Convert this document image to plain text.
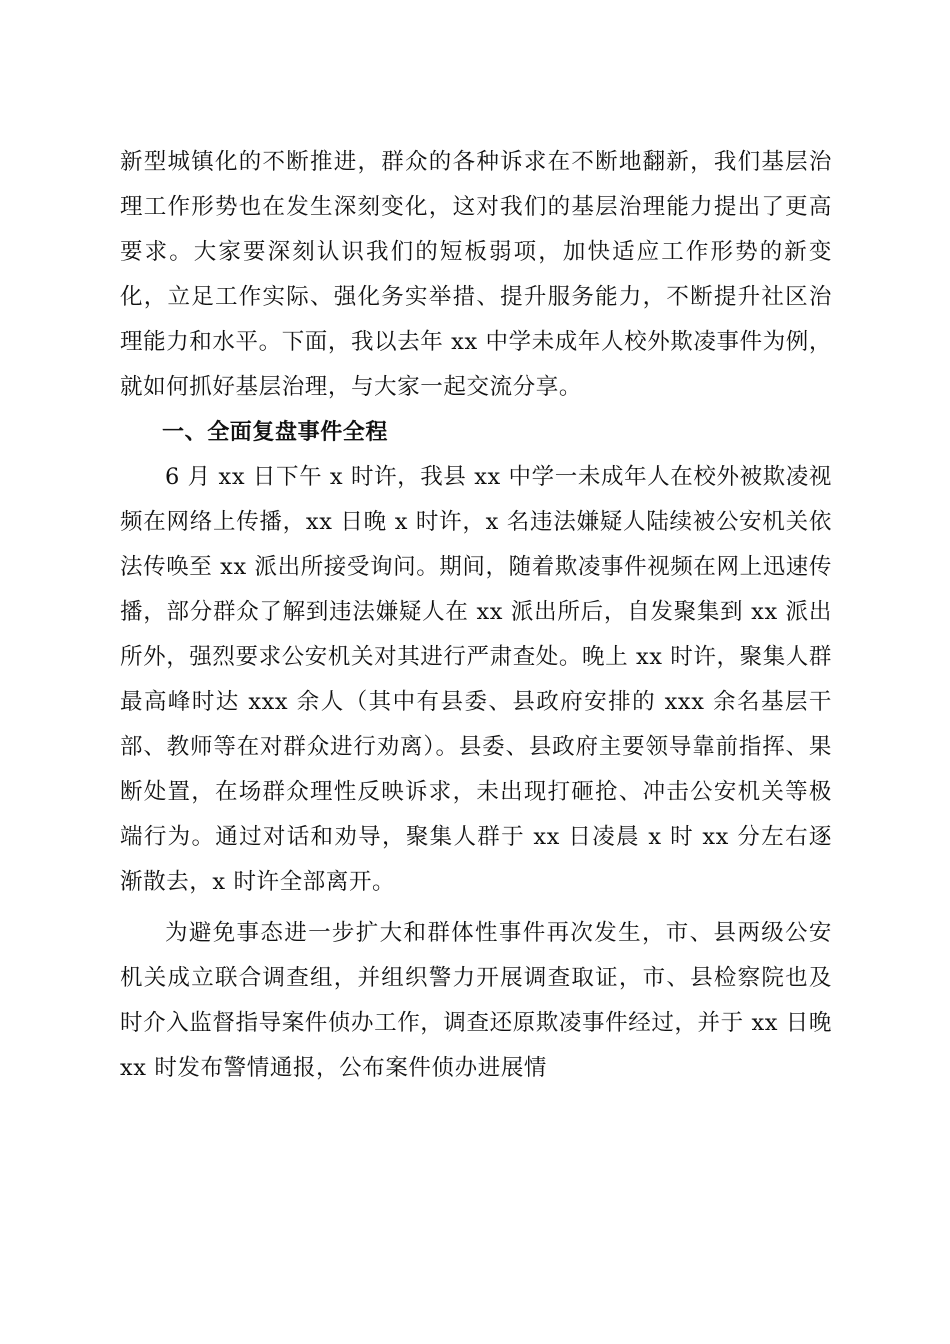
新型城镇化的不断推进，群众的各种诉求在不断地翻新，我们基层治理工作形势也在发生深刻变化，这对我们的基层治理能力提出了更高要求。大家要深刻认识我们的短板弱项，加快适应工作形势的新变化，立足工作实际、强化务实举措、提升服务能力，不断提升社区治理能力和水平。下面，我以去年 xx 中学未成年人校外欺凌事件为例，就如何抓好基层治理，与大家一起交流分享。

一、全面复盘事件全程

6 月 xx 日下午 x 时许，我县 xx 中学一未成年人在校外被欺凌视频在网络上传播，xx 日晚 x 时许，x 名违法嫌疑人陆续被公安机关依法传唤至 xx 派出所接受询问。期间，随着欺凌事件视频在网上迅速传播，部分群众了解到违法嫌疑人在 xx 派出所后，自发聚集到 xx 派出所外，强烈要求公安机关对其进行严肃查处。晚上 xx 时许，聚集人群最高峰时达 xxx 余人（其中有县委、县政府安排的 xxx 余名基层干部、教师等在对群众进行劝离）。县委、县政府主要领导靠前指挥、果断处置，在场群众理性反映诉求，未出现打砸抢、冲击公安机关等极端行为。通过对话和劝导，聚集人群于 xx 日凌晨 x 时 xx 分左右逐渐散去，x 时许全部离开。

为避免事态进一步扩大和群体性事件再次发生，市、县两级公安机关成立联合调查组，并组织警力开展调查取证，市、县检察院也及时介入监督指导案件侦办工作，调查还原欺凌事件经过，并于 xx 日晚 xx 时发布警情通报，公布案件侦办进展情
